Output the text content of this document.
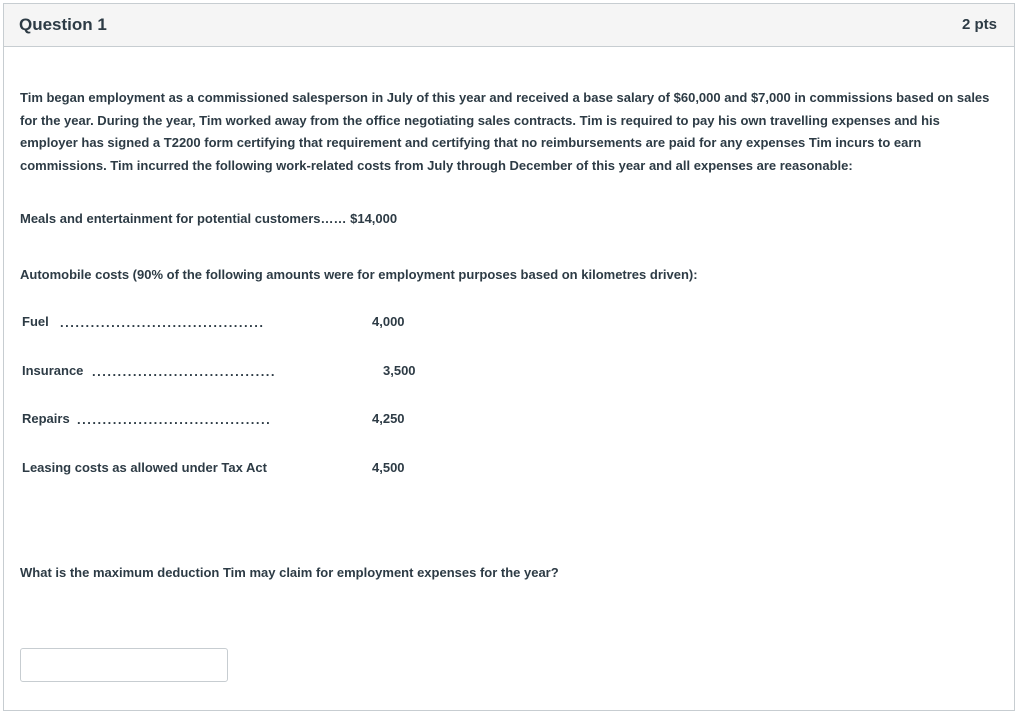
Question 1	2 pts
Tim began employment as a commissioned salesperson in July of this year and received a base salary of $60,000 and $7,000 in commissions based on sales for the year. During the year, Tim worked away from the office negotiating sales contracts. Tim is required to pay his own travelling expenses and his employer has signed a T2200 form certifying that requirement and certifying that no reimbursements are paid for any expenses Tim incurs to earn commissions. Tim incurred the following work-related costs from July through December of this year and all expenses are reasonable:
Meals and entertainment for potential customers…… $14,000
Automobile costs (90% of the following amounts were for employment purposes based on kilometres driven):
Fuel ........................................	4,000
Insurance ....................................	3,500
Repairs ......................................	4,250
Leasing costs as allowed under Tax Act	4,500
What is the maximum deduction Tim may claim for employment expenses for the year?
